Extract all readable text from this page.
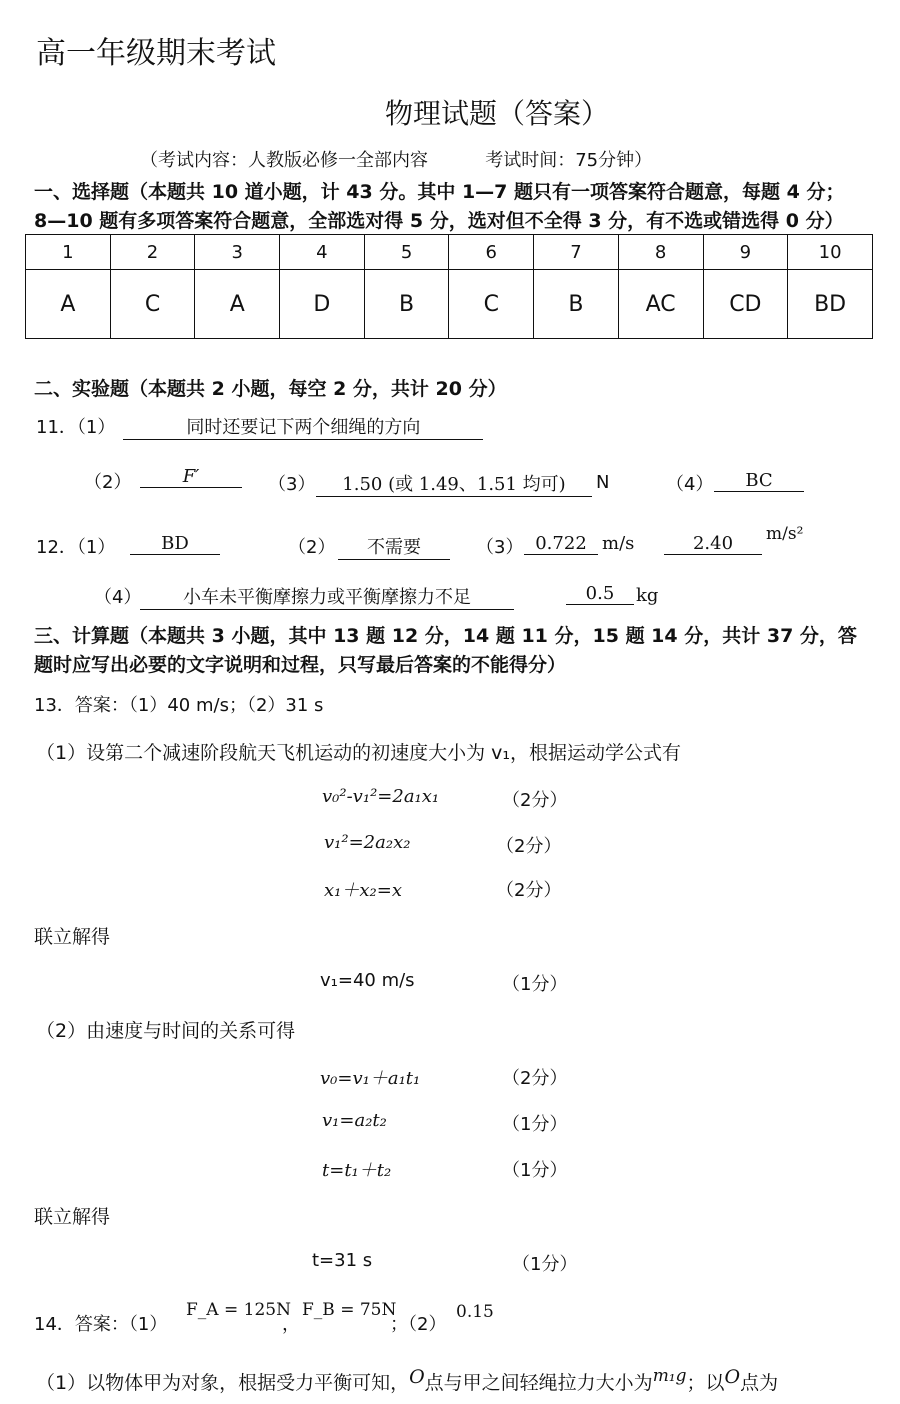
高一年级期末考试
物理试题（答案）
（考试内容：人教版必修一全部内容          考试时间：75分钟）
一、选择题（本题共 10 道小题，计 43 分。其中 1—7 题只有一项答案符合题意，每题 4 分；
8—10 题有多项答案符合题意，全部选对得 5 分，选对但不全得 3 分，有不选或错选得 0 分）
1	2	3	4	5	6	7	8	9	10
A	C	A	D	B	C	B	AC	CD	BD
二、实验题（本题共 2 小题，每空 2 分，共计 20 分）
11．（1）	同时还要记下两个细绳的方向
（2）	F′	（3）	1.50 (或 1.49、1.51 均可)	N	（4）	BC
12．（1）	BD	（2）	不需要	（3） 0.722 m/s	2.40	m/s²
（4）	小车未平衡摩擦力或平衡摩擦力不足	0.5	kg
三、计算题（本题共 3 小题，其中 13 题 12 分，14 题 11 分，15 题 14 分，共计 37 分，答
题时应写出必要的文字说明和过程，只写最后答案的不能得分）
13．答案：（1）40 m/s；（2）31 s
（1）设第二个减速阶段航天飞机运动的初速度大小为 v₁，根据运动学公式有
v₀²-v₁²=2a₁x₁	（2分）
v₁²=2a₂x₂	（2分）
x₁＋x₂=x	（2分）
联立解得
v₁=40 m/s	（1分）
（2）由速度与时间的关系可得
v₀=v₁＋a₁t₁	（2分）
v₁=a₂t₂	（1分）
t=t₁＋t₂	（1分）
联立解得
t=31 s	（1分）
14．答案：（1）
F_A = 125N
，
F_B = 75N
；（2）
0.15
（1）以物体甲为对象，根据受力平衡可知，O点与甲之间轻绳拉力大小为m₁g；以O点为
